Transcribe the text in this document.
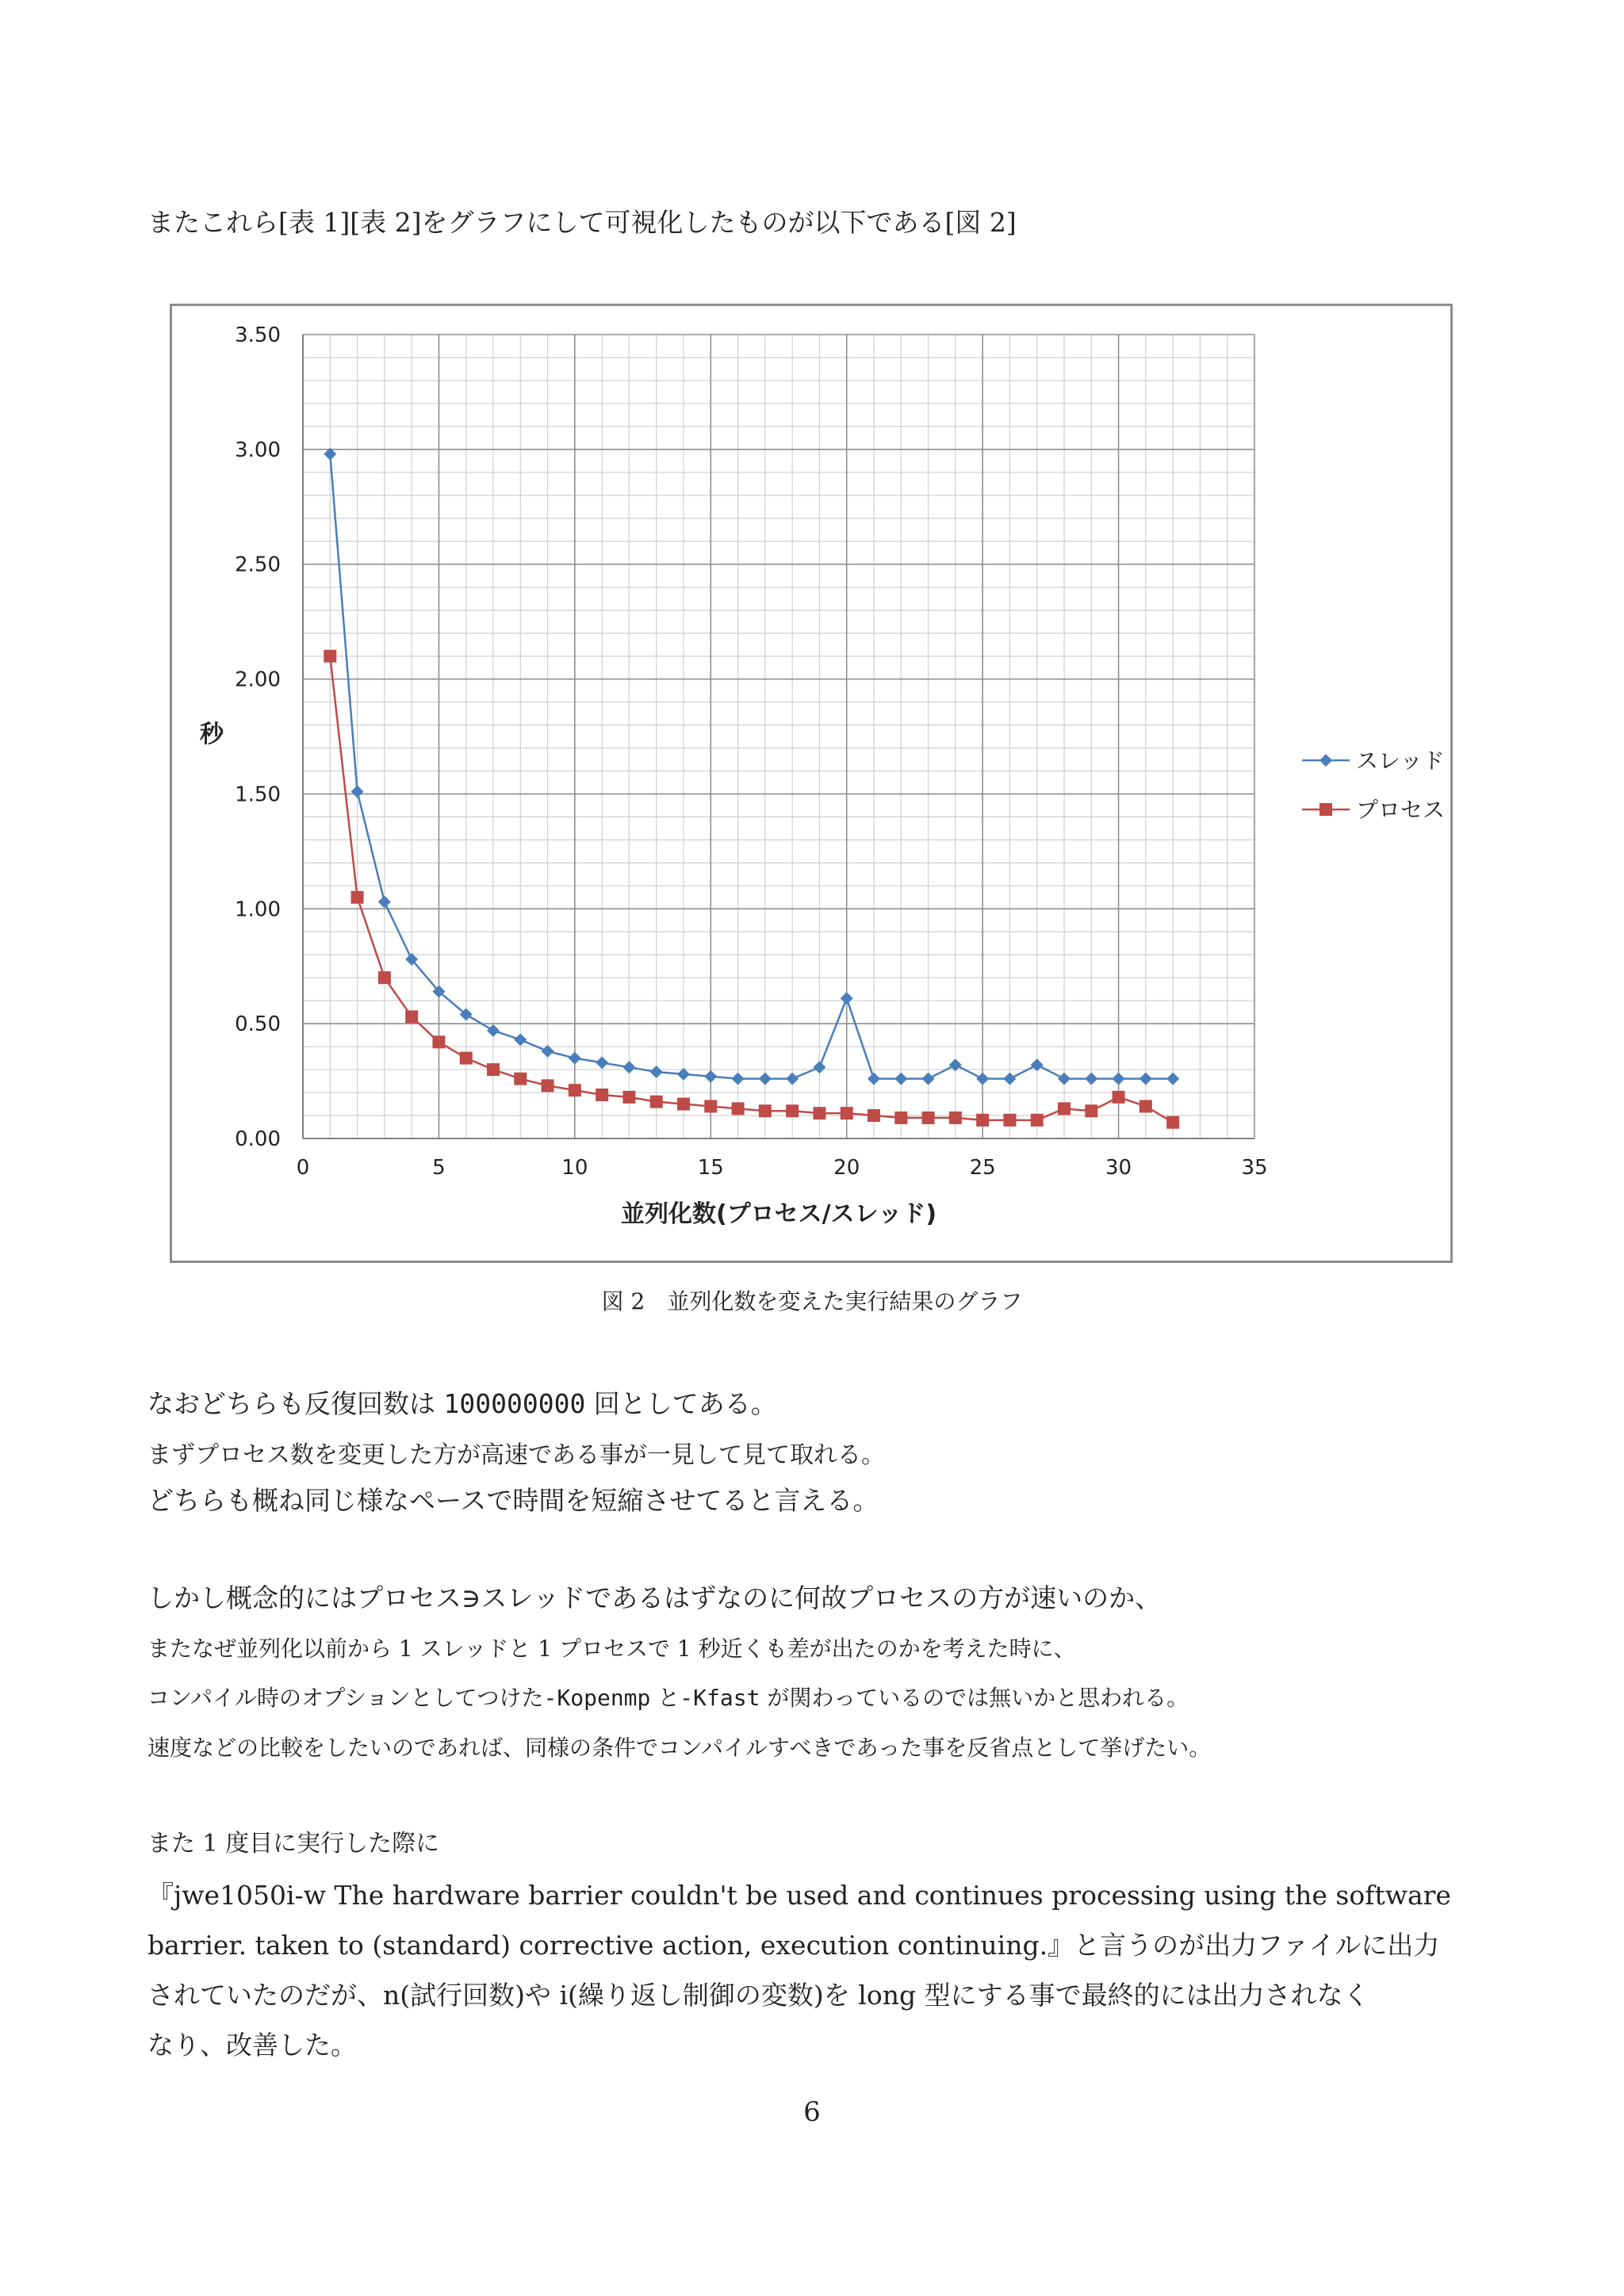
またこれら[表 1][表 2]をグラフにして可視化したものが以下である[図 2]
0.00
0.50
1.00
1.50
2.00
2.50
3.00
3.50
0	5	10	15	20	25	30	35
並列化数(プロセス/スレッド)
秒
スレッド
プロセス
図 2　並列化数を変えた実行結果のグラフ
なおどちらも反復回数は 100000000 回としてある。
まずプロセス数を変更した方が高速である事が一見して見て取れる。
どちらも概ね同じ様なペースで時間を短縮させてると言える。
しかし概念的にはプロセス∋スレッドであるはずなのに何故プロセスの方が速いのか、
またなぜ並列化以前から 1 スレッドと 1 プロセスで 1 秒近くも差が出たのかを考えた時に、
コンパイル時のオプションとしてつけた-Kopenmp と-Kfast が関わっているのでは無いかと思われる。
速度などの比較をしたいのであれば、同様の条件でコンパイルすべきであった事を反省点として挙げたい。
また 1 度目に実行した際に
『jwe1050i-w The hardware barrier couldn't be used and continues processing using the software
barrier. taken to (standard) corrective action, execution continuing.』と言うのが出力ファイルに出力
されていたのだが、n(試行回数)や i(繰り返し制御の変数)を long 型にする事で最終的には出力されなく
なり、改善した。
6
